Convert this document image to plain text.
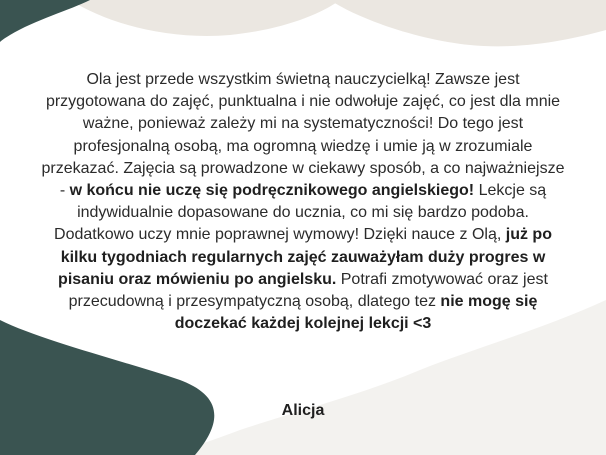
Ola jest przede wszystkim świetną nauczycielką! Zawsze jest przygotowana do zajęć, punktualna i nie odwołuje zajęć, co jest dla mnie ważne, ponieważ zależy mi na systematyczności! Do tego jest profesjonalną osobą, ma ogromną wiedzę i umie ją w zrozumiale przekazać. Zajęcia są prowadzone w ciekawy sposób, a co najważniejsze - w końcu nie uczę się podręcznikowego angielskiego! Lekcje są indywidualnie dopasowane do ucznia, co mi się bardzo podoba. Dodatkowo uczy mnie poprawnej wymowy! Dzięki nauce z Olą, już po kilku tygodniach regularnych zajęć zauważyłam duży progres w pisaniu oraz mówieniu po angielsku. Potrafi zmotywować oraz jest przecudowną i przesympatyczną osobą, dlatego tez nie mogę się doczekać każdej kolejnej lekcji <3

Alicja
